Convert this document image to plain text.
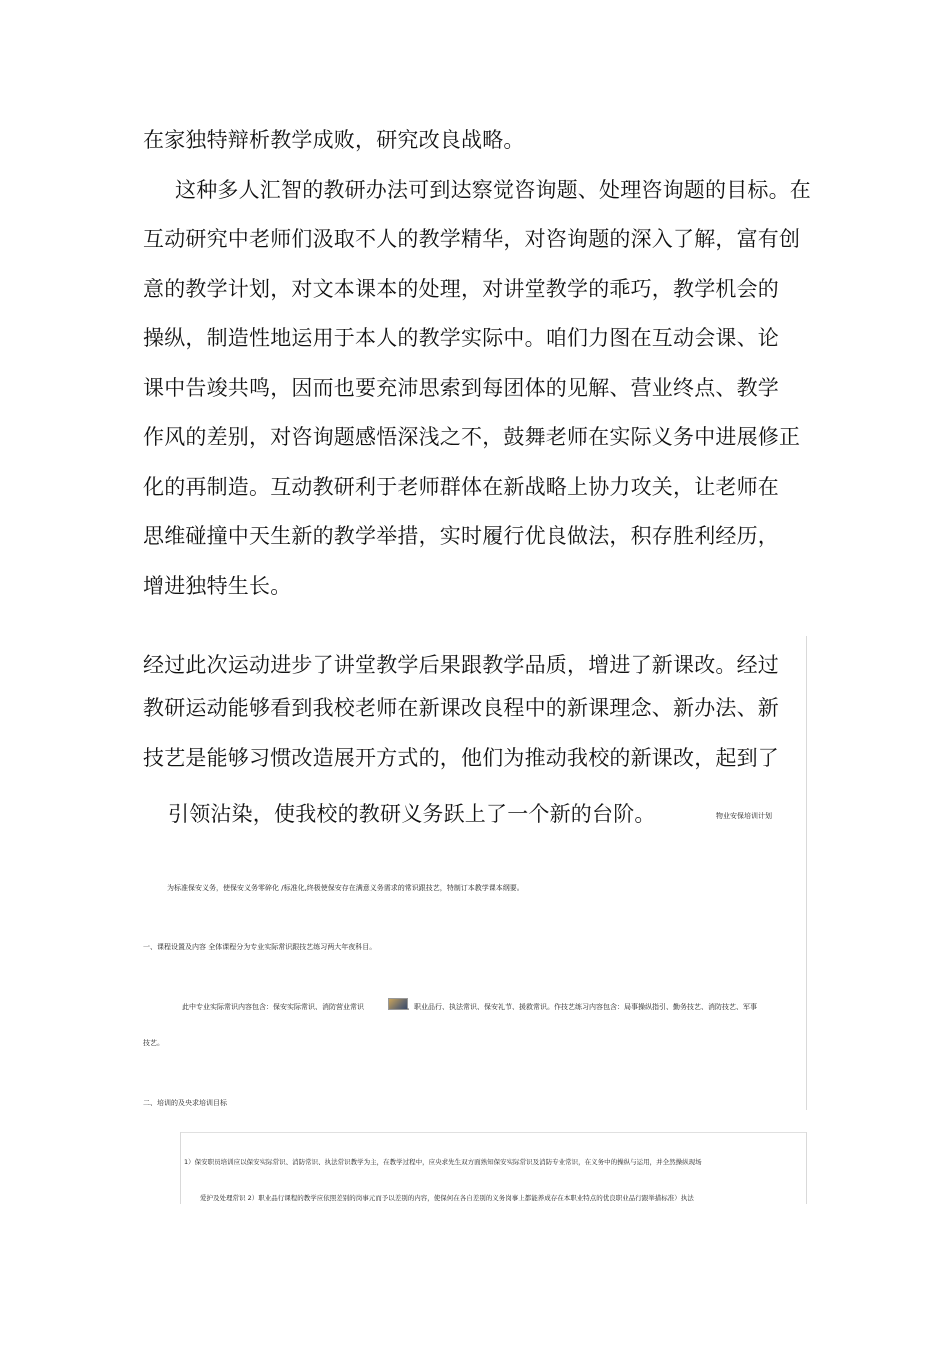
在家独特辩析教学成败，研究改良战略。
这种多人汇智的教研办法可到达察觉咨询题、处理咨询题的目标。在
互动研究中老师们汲取不人的教学精华，对咨询题的深入了解，富有创
意的教学计划，对文本课本的处理，对讲堂教学的乖巧，教学机会的
操纵，制造性地运用于本人的教学实际中。咱们力图在互动会课、论
课中告竣共鸣，因而也要充沛思索到每团体的见解、营业终点、教学
作风的差别，对咨询题感悟深浅之不，鼓舞老师在实际义务中进展修正
化的再制造。互动教研利于老师群体在新战略上协力攻关，让老师在
思维碰撞中天生新的教学举措，实时履行优良做法，积存胜利经历，
增进独特生长。
经过此次运动进步了讲堂教学后果跟教学品质，增进了新课改。经过
教研运动能够看到我校老师在新课改良程中的新课理念、新办法、新
技艺是能够习惯改造展开方式的，他们为推动我校的新课改，起到了
引领沾染，使我校的教研义务跃上了一个新的台阶。	物业安保培训计划
为标准保安义务，使保安义务零碎化 /标准化,终极使保安存在满意义务需求的常识跟技艺，特制订本教学课本纲要。
一、课程设置及内容 全体课程分为专业实际常识跟技艺练习两大年夜科目。
此中专业实际常识内容包含：保安实际常识、消防营业常识	、职业品行、执法常识、保安礼节、援救常识。作技艺练习内容包含：局事操纵指引、勤务技艺、消防技艺、军事
技艺。
二、培训的及央求培训目标
1）保安职员培训应以保安实际常识、消防常识、执法常识教学为主，在教学过程中，应央求先生双方面熟知保安实际常识及消防专业常识，在义务中的操纵与运用，并全然操纵现场
爱护及处理常识 2）职业品行课程的教学应依照差别的岗事元而予以差别的内容，使保何在各自差别的义务岗事上都能养成存在本职业特点的优良职业品行跟举措标准）执法
